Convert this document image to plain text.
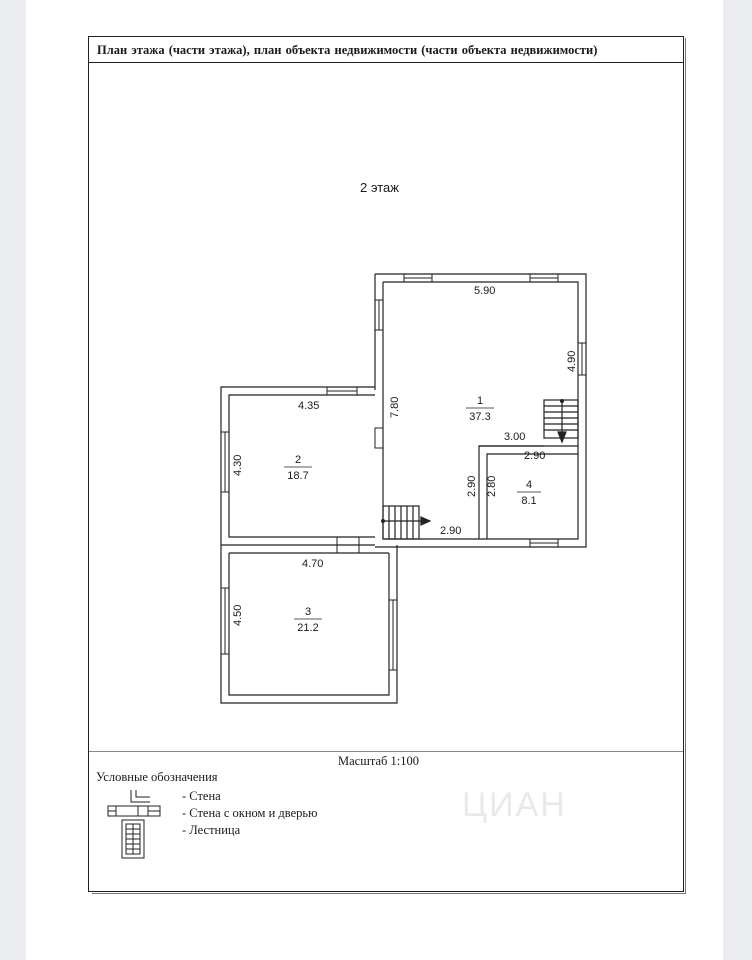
План этажа (части этажа), план объекта недвижимости (части объекта недвижимости)
Масштаб 1:100
Условные обозначения
- Стена
- Стена с окном и дверью
- Лестница
2 этаж
1
37.3
2
18.7
3
21.2
4
8.1
5.90
4.90
7.80
3.00
2.90
2.90 2.80
2.90
4.35
4.30
4.70
4.50
ЦИАН
